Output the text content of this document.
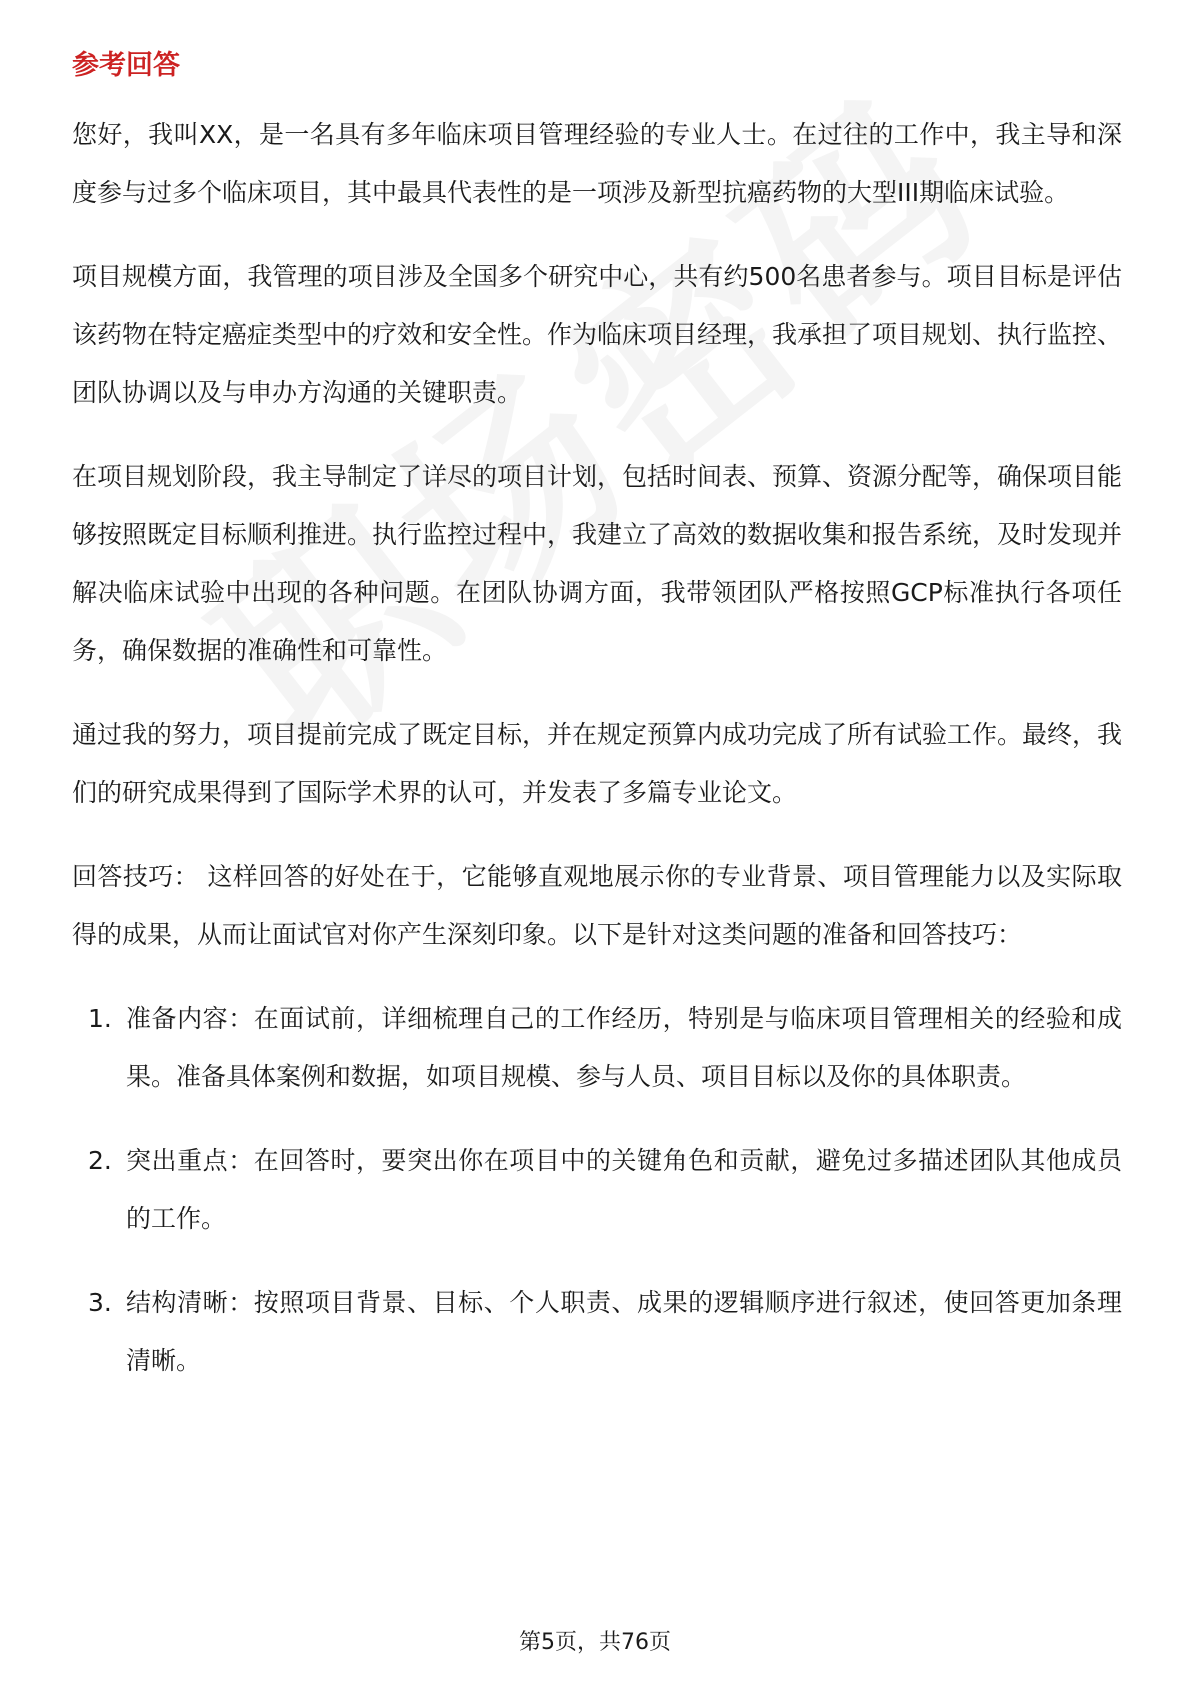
参考回答

您好，我叫XX，是一名具有多年临床项目管理经验的专业人士。在过往的工作中，我主导和深度参与过多个临床项目，其中最具代表性的是一项涉及新型抗癌药物的大型III期临床试验。

项目规模方面，我管理的项目涉及全国多个研究中心，共有约500名患者参与。项目目标是评估该药物在特定癌症类型中的疗效和安全性。作为临床项目经理，我承担了项目规划、执行监控、团队协调以及与申办方沟通的关键职责。

在项目规划阶段，我主导制定了详尽的项目计划，包括时间表、预算、资源分配等，确保项目能够按照既定目标顺利推进。执行监控过程中，我建立了高效的数据收集和报告系统，及时发现并解决临床试验中出现的各种问题。在团队协调方面，我带领团队严格按照GCP标准执行各项任务，确保数据的准确性和可靠性。

通过我的努力，项目提前完成了既定目标，并在规定预算内成功完成了所有试验工作。最终，我们的研究成果得到了国际学术界的认可，并发表了多篇专业论文。

回答技巧： 这样回答的好处在于，它能够直观地展示你的专业背景、项目管理能力以及实际取得的成果，从而让面试官对你产生深刻印象。以下是针对这类问题的准备和回答技巧：

1. 准备内容：在面试前，详细梳理自己的工作经历，特别是与临床项目管理相关的经验和成果。准备具体案例和数据，如项目规模、参与人员、项目目标以及你的具体职责。
2. 突出重点：在回答时，要突出你在项目中的关键角色和贡献，避免过多描述团队其他成员的工作。
3. 结构清晰：按照项目背景、目标、个人职责、成果的逻辑顺序进行叙述，使回答更加条理清晰。
第5页，共76页
